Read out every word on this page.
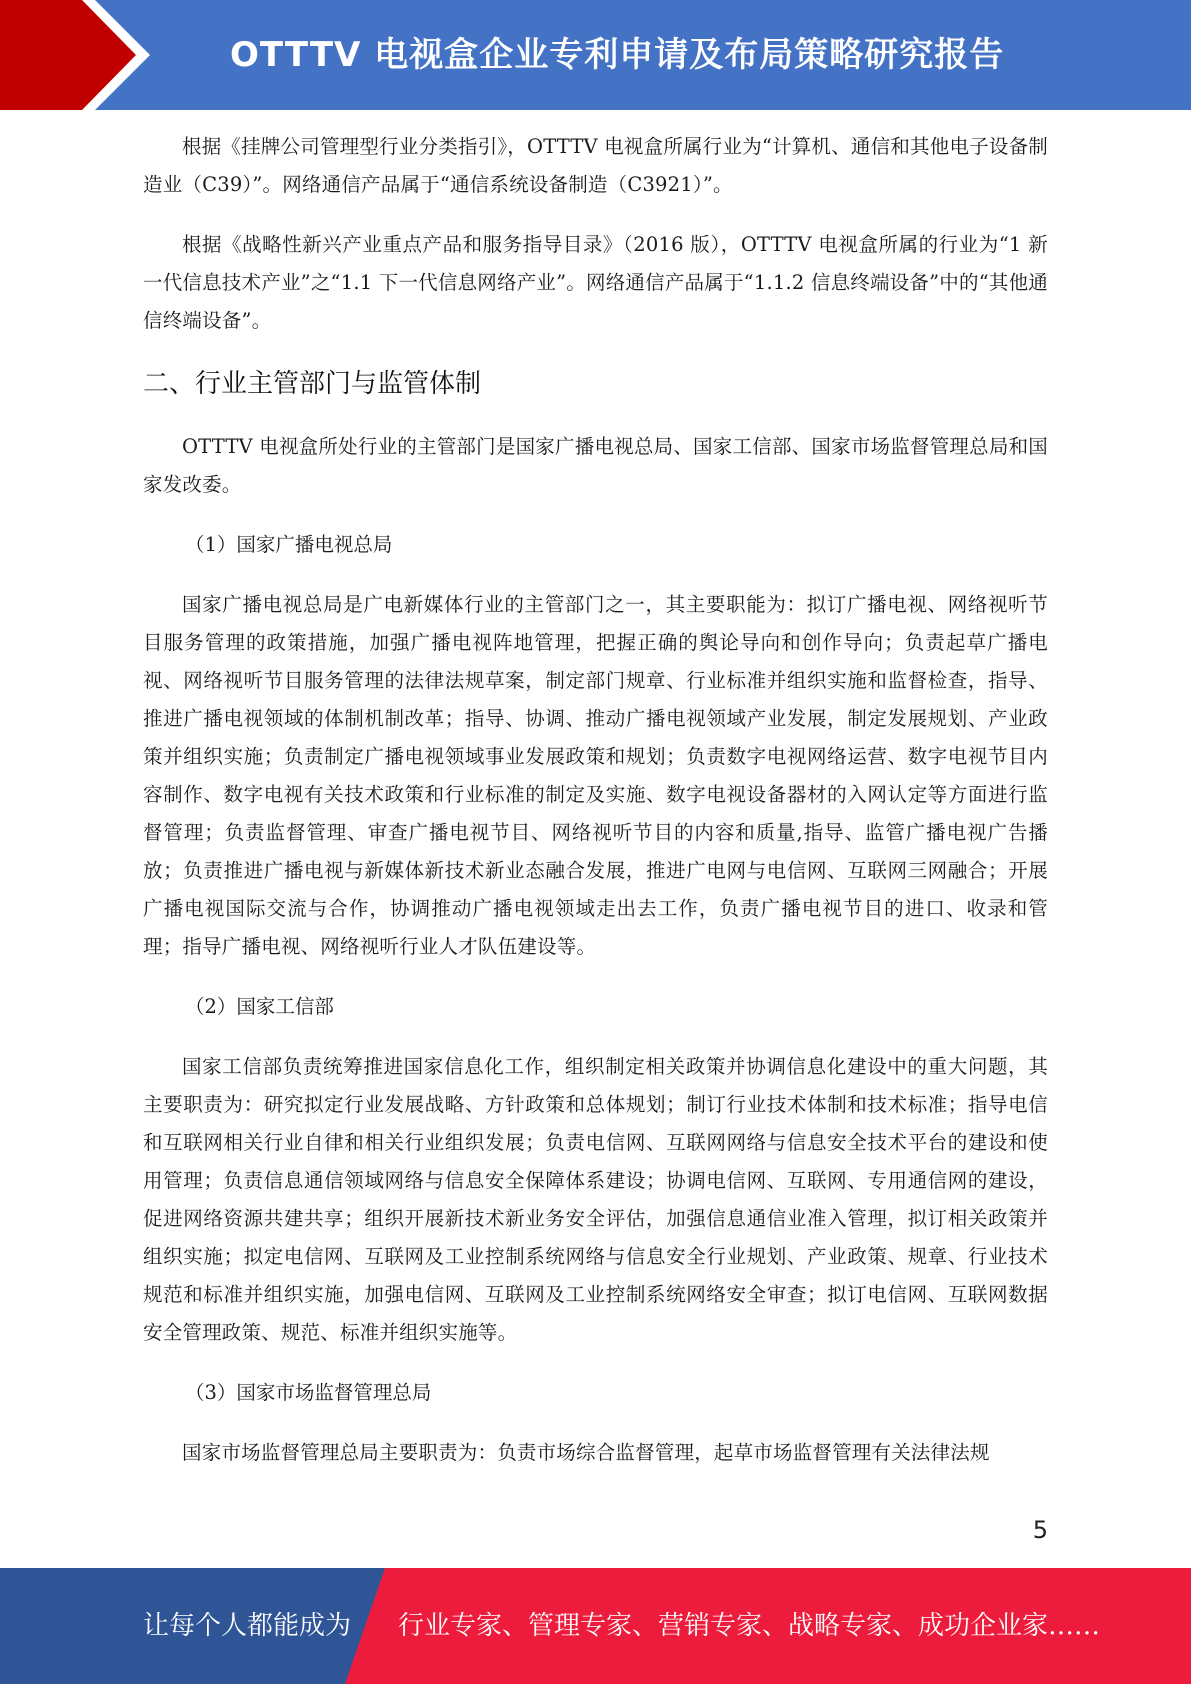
OTTTV 电视盒企业专利申请及布局策略研究报告

根据《挂牌公司管理型行业分类指引》，OTTTV 电视盒所属行业为“计算机、通信和其他电子设备制造业（C39）”。网络通信产品属于“通信系统设备制造（C3921）”。

根据《战略性新兴产业重点产品和服务指导目录》（2016 版），OTTTV 电视盒所属的行业为“1 新一代信息技术产业”之“1.1 下一代信息网络产业”。网络通信产品属于“1.1.2 信息终端设备”中的“其他通信终端设备”。

二、行业主管部门与监管体制

OTTTV 电视盒所处行业的主管部门是国家广播电视总局、国家工信部、国家市场监督管理总局和国家发改委。

（1）国家广播电视总局

国家广播电视总局是广电新媒体行业的主管部门之一，其主要职能为：拟订广播电视、网络视听节目服务管理的政策措施，加强广播电视阵地管理，把握正确的舆论导向和创作导向；负责起草广播电视、网络视听节目服务管理的法律法规草案，制定部门规章、行业标准并组织实施和监督检查，指导、推进广播电视领域的体制机制改革；指导、协调、推动广播电视领域产业发展，制定发展规划、产业政策并组织实施；负责制定广播电视领域事业发展政策和规划；负责数字电视网络运营、数字电视节目内容制作、数字电视有关技术政策和行业标准的制定及实施、数字电视设备器材的入网认定等方面进行监督管理；负责监督管理、审查广播电视节目、网络视听节目的内容和质量,指导、监管广播电视广告播放；负责推进广播电视与新媒体新技术新业态融合发展，推进广电网与电信网、互联网三网融合；开展广播电视国际交流与合作，协调推动广播电视领域走出去工作，负责广播电视节目的进口、收录和管理；指导广播电视、网络视听行业人才队伍建设等。

（2）国家工信部

国家工信部负责统筹推进国家信息化工作，组织制定相关政策并协调信息化建设中的重大问题，其主要职责为：研究拟定行业发展战略、方针政策和总体规划；制订行业技术体制和技术标准；指导电信和互联网相关行业自律和相关行业组织发展；负责电信网、互联网网络与信息安全技术平台的建设和使用管理；负责信息通信领域网络与信息安全保障体系建设；协调电信网、互联网、专用通信网的建设，促进网络资源共建共享；组织开展新技术新业务安全评估，加强信息通信业准入管理，拟订相关政策并组织实施；拟定电信网、互联网及工业控制系统网络与信息安全行业规划、产业政策、规章、行业技术规范和标准并组织实施，加强电信网、互联网及工业控制系统网络安全审查；拟订电信网、互联网数据安全管理政策、规范、标准并组织实施等。

（3）国家市场监督管理总局

国家市场监督管理总局主要职责为：负责市场综合监督管理，起草市场监督管理有关法律法规

5
让每个人都能成为 行业专家、管理专家、营销专家、战略专家、成功企业家……
